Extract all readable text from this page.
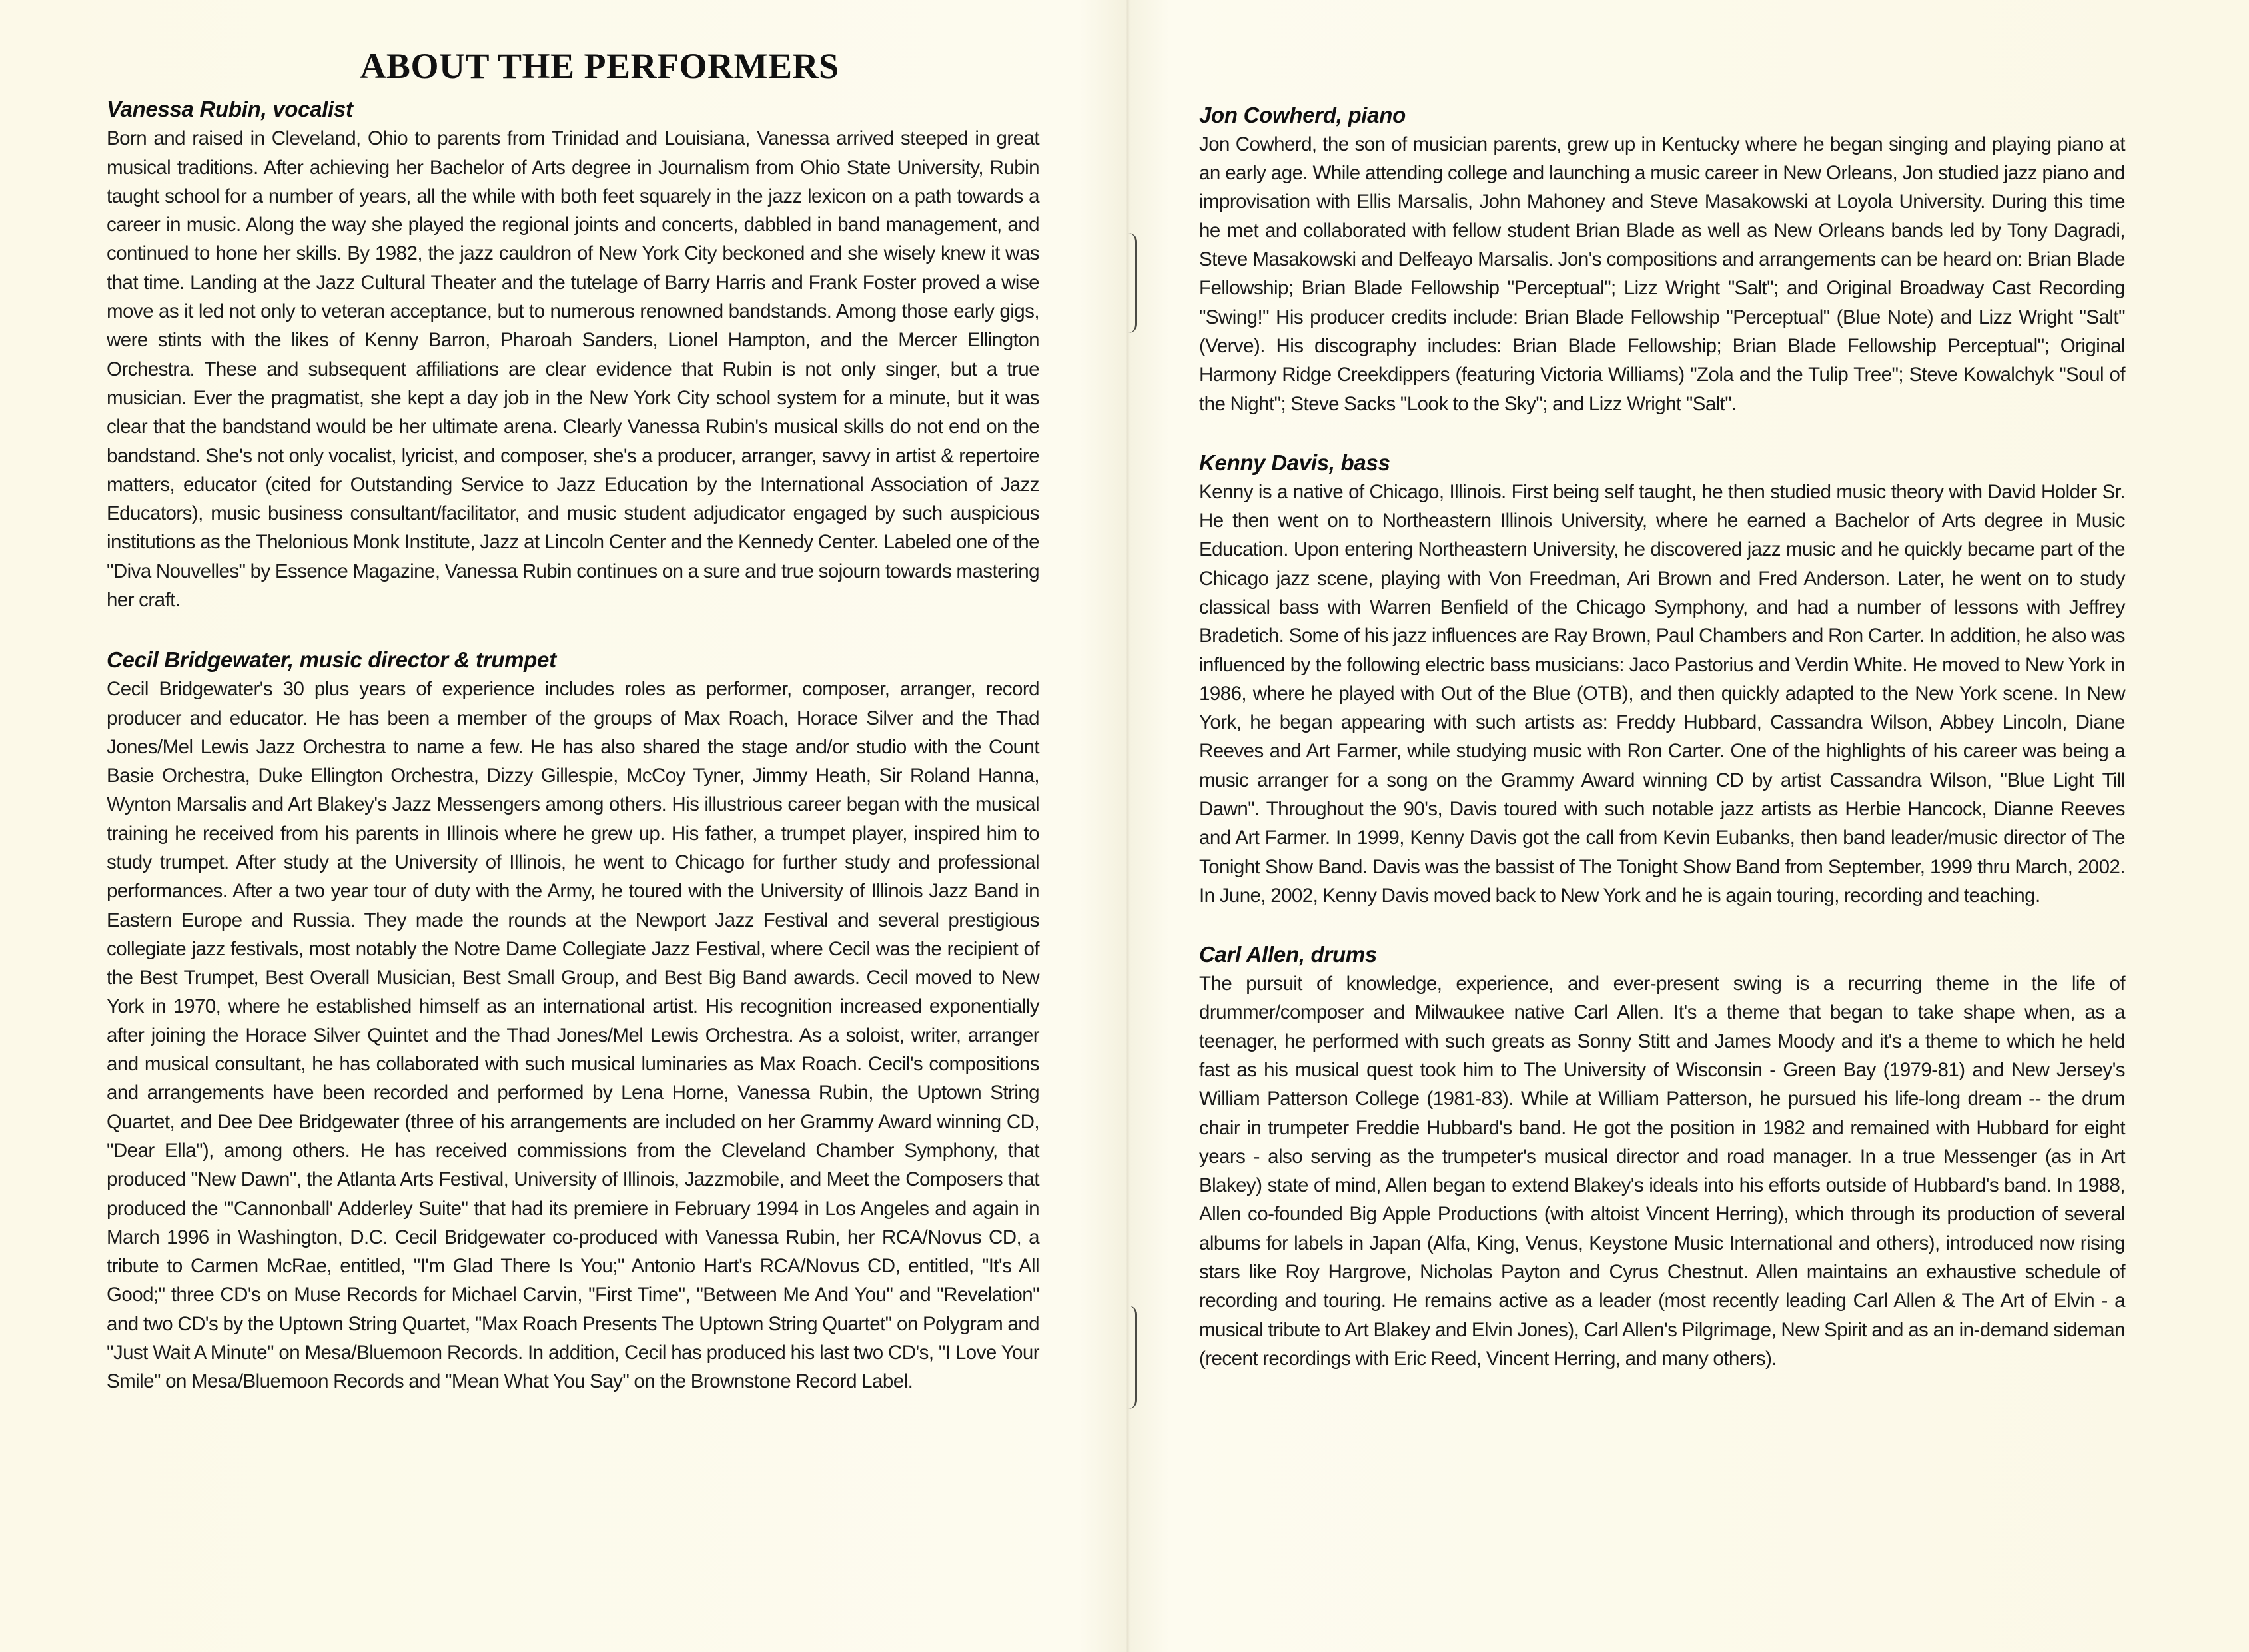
ABOUT THE PERFORMERS
Vanessa Rubin, vocalist

Born and raised in Cleveland, Ohio to parents from Trinidad and Louisiana, Vanessa arrived steeped in great musical traditions. After achieving her Bachelor of Arts degree in Journalism from Ohio State University, Rubin taught school for a number of years, all the while with both feet squarely in the jazz lexicon on a path towards a career in music. Along the way she played the regional joints and concerts, dabbled in band management, and continued to hone her skills. By 1982, the jazz cauldron of New York City beckoned and she wisely knew it was that time. Landing at the Jazz Cultural Theater and the tutelage of Barry Harris and Frank Foster proved a wise move as it led not only to veteran acceptance, but to numerous renowned bandstands. Among those early gigs, were stints with the likes of Kenny Barron, Pharoah Sanders, Lionel Hampton, and the Mercer Ellington Orchestra. These and subsequent affiliations are clear evidence that Rubin is not only singer, but a true musician. Ever the pragmatist, she kept a day job in the New York City school system for a minute, but it was clear that the bandstand would be her ultimate arena. Clearly Vanessa Rubin's musical skills do not end on the bandstand. She's not only vocalist, lyricist, and composer, she's a producer, arranger, savvy in artist & repertoire matters, educator (cited for Outstanding Service to Jazz Education by the International Association of Jazz Educators), music business consultant/facilitator, and music student adjudicator engaged by such auspicious institutions as the Thelonious Monk Institute, Jazz at Lincoln Center and the Kennedy Center. Labeled one of the "Diva Nouvelles" by Essence Magazine, Vanessa Rubin continues on a sure and true sojourn towards mastering her craft.

Cecil Bridgewater, music director & trumpet

Cecil Bridgewater's 30 plus years of experience includes roles as performer, composer, arranger, record producer and educator. He has been a member of the groups of Max Roach, Horace Silver and the Thad Jones/Mel Lewis Jazz Orchestra to name a few. He has also shared the stage and/or studio with the Count Basie Orchestra, Duke Ellington Orchestra, Dizzy Gillespie, McCoy Tyner, Jimmy Heath, Sir Roland Hanna, Wynton Marsalis and Art Blakey's Jazz Messengers among others. His illustrious career began with the musical training he received from his parents in Illinois where he grew up. His father, a trumpet player, inspired him to study trumpet. After study at the University of Illinois, he went to Chicago for further study and professional performances. After a two year tour of duty with the Army, he toured with the University of Illinois Jazz Band in Eastern Europe and Russia. They made the rounds at the Newport Jazz Festival and several prestigious collegiate jazz festivals, most notably the Notre Dame Collegiate Jazz Festival, where Cecil was the recipient of the Best Trumpet, Best Overall Musician, Best Small Group, and Best Big Band awards. Cecil moved to New York in 1970, where he established himself as an international artist. His recognition increased exponentially after joining the Horace Silver Quintet and the Thad Jones/Mel Lewis Orchestra. As a soloist, writer, arranger and musical consultant, he has collaborated with such musical luminaries as Max Roach. Cecil's compositions and arrangements have been recorded and performed by Lena Horne, Vanessa Rubin, the Uptown String Quartet, and Dee Dee Bridgewater (three of his arrangements are included on her Grammy Award winning CD, "Dear Ella"), among others. He has received commissions from the Cleveland Chamber Symphony, that produced "New Dawn", the Atlanta Arts Festival, University of Illinois, Jazzmobile, and Meet the Composers that produced the "'Cannonball' Adderley Suite" that had its premiere in February 1994 in Los Angeles and again in March 1996 in Washington, D.C. Cecil Bridgewater co-produced with Vanessa Rubin, her RCA/Novus CD, a tribute to Carmen McRae, entitled, "I'm Glad There Is You;" Antonio Hart's RCA/Novus CD, entitled, "It's All Good;" three CD's on Muse Records for Michael Carvin, "First Time", "Between Me And You" and "Revelation" and two CD's by the Uptown String Quartet, "Max Roach Presents The Uptown String Quartet" on Polygram and "Just Wait A Minute" on Mesa/Bluemoon Records. In addition, Cecil has produced his last two CD's, "I Love Your Smile" on Mesa/Bluemoon Records and "Mean What You Say" on the Brownstone Record Label.

Jon Cowherd, piano

Jon Cowherd, the son of musician parents, grew up in Kentucky where he began singing and playing piano at an early age. While attending college and launching a music career in New Orleans, Jon studied jazz piano and improvisation with Ellis Marsalis, John Mahoney and Steve Masakowski at Loyola University. During this time he met and collaborated with fellow student Brian Blade as well as New Orleans bands led by Tony Dagradi, Steve Masakowski and Delfeayo Marsalis. Jon's compositions and arrangements can be heard on: Brian Blade Fellowship; Brian Blade Fellowship "Perceptual"; Lizz Wright "Salt"; and Original Broadway Cast Recording "Swing!" His producer credits include: Brian Blade Fellowship "Perceptual" (Blue Note) and Lizz Wright "Salt" (Verve). His discography includes: Brian Blade Fellowship; Brian Blade Fellowship Perceptual"; Original Harmony Ridge Creekdippers (featuring Victoria Williams) "Zola and the Tulip Tree"; Steve Kowalchyk "Soul of the Night"; Steve Sacks "Look to the Sky"; and Lizz Wright "Salt".

Kenny Davis, bass

Kenny is a native of Chicago, Illinois. First being self taught, he then studied music theory with David Holder Sr. He then went on to Northeastern Illinois University, where he earned a Bachelor of Arts degree in Music Education. Upon entering Northeastern University, he discovered jazz music and he quickly became part of the Chicago jazz scene, playing with Von Freedman, Ari Brown and Fred Anderson. Later, he went on to study classical bass with Warren Benfield of the Chicago Symphony, and had a number of lessons with Jeffrey Bradetich. Some of his jazz influences are Ray Brown, Paul Chambers and Ron Carter. In addition, he also was influenced by the following electric bass musicians: Jaco Pastorius and Verdin White. He moved to New York in 1986, where he played with Out of the Blue (OTB), and then quickly adapted to the New York scene. In New York, he began appearing with such artists as: Freddy Hubbard, Cassandra Wilson, Abbey Lincoln, Diane Reeves and Art Farmer, while studying music with Ron Carter. One of the highlights of his career was being a music arranger for a song on the Grammy Award winning CD by artist Cassandra Wilson, "Blue Light Till Dawn". Throughout the 90's, Davis toured with such notable jazz artists as Herbie Hancock, Dianne Reeves and Art Farmer. In 1999, Kenny Davis got the call from Kevin Eubanks, then band leader/music director of The Tonight Show Band. Davis was the bassist of The Tonight Show Band from September, 1999 thru March, 2002. In June, 2002, Kenny Davis moved back to New York and he is again touring, recording and teaching.

Carl Allen, drums

The pursuit of knowledge, experience, and ever-present swing is a recurring theme in the life of drummer/composer and Milwaukee native Carl Allen. It's a theme that began to take shape when, as a teenager, he performed with such greats as Sonny Stitt and James Moody and it's a theme to which he held fast as his musical quest took him to The University of Wisconsin - Green Bay (1979-81) and New Jersey's William Patterson College (1981-83). While at William Patterson, he pursued his life-long dream -- the drum chair in trumpeter Freddie Hubbard's band. He got the position in 1982 and remained with Hubbard for eight years - also serving as the trumpeter's musical director and road manager. In a true Messenger (as in Art Blakey) state of mind, Allen began to extend Blakey's ideals into his efforts outside of Hubbard's band. In 1988, Allen co-founded Big Apple Productions (with altoist Vincent Herring), which through its production of several albums for labels in Japan (Alfa, King, Venus, Keystone Music International and others), introduced now rising stars like Roy Hargrove, Nicholas Payton and Cyrus Chestnut. Allen maintains an exhaustive schedule of recording and touring. He remains active as a leader (most recently leading Carl Allen & The Art of Elvin - a musical tribute to Art Blakey and Elvin Jones), Carl Allen's Pilgrimage, New Spirit and as an in-demand sideman (recent recordings with Eric Reed, Vincent Herring, and many others).
